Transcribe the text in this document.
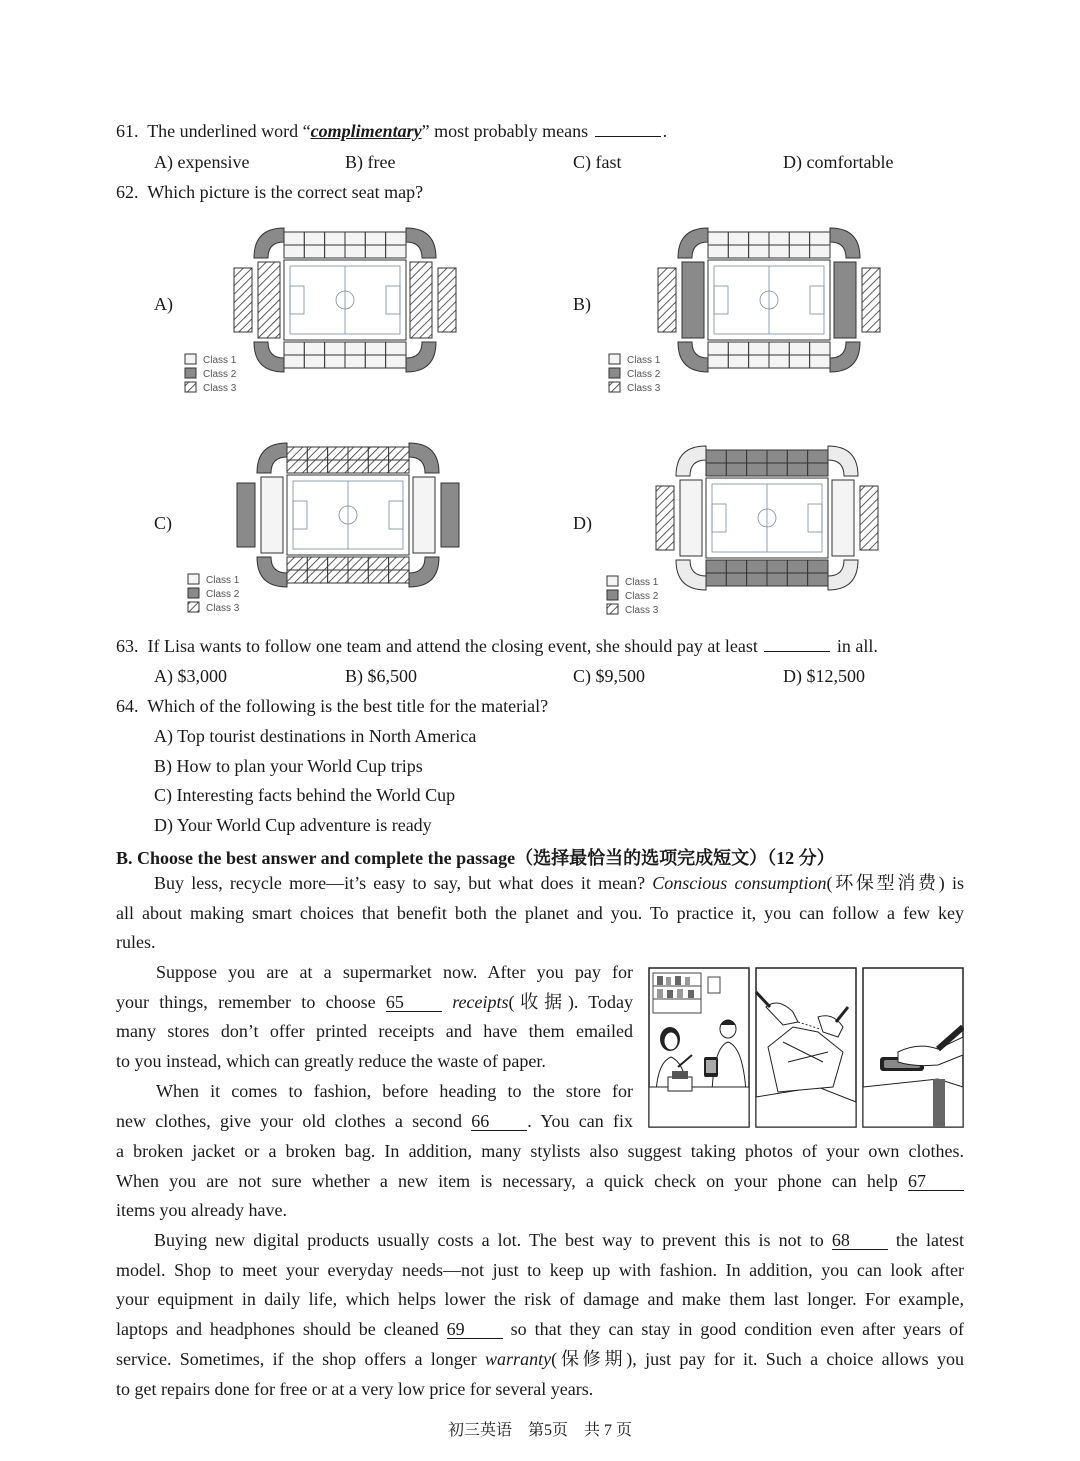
61. The underlined word “complimentary” most probably means	.
A) expensive	B) free	C) fast	D) comfortable
62. Which picture is the correct seat map?
A)	B)
C)	D)
Class 1
Class 2
Class 3
Class 1
Class 2
Class 3
Class 1
Class 2
Class 3
Class 1
Class 2
Class 3
63. If Lisa wants to follow one team and attend the closing event, she should pay at least	in all.
A) $3,000	B) $6,500	C) $9,500	D) $12,500
64. Which of the following is the best title for the material?
A) Top tourist destinations in North America
B) How to plan your World Cup trips
C) Interesting facts behind the World Cup
D) Your World Cup adventure is ready
B. Choose the best answer and complete the passage（选择最恰当的选项完成短文）（12 分）
Buy less, recycle more—it’s easy to say, but what does it mean? Conscious consumption(环保型消费) is
all about making smart choices that benefit both the planet and you. To practice it, you can follow a few key
rules.
Suppose you are at a supermarket now. After you pay for
your things, remember to choose 65	receipts(收据). Today
many stores don’t offer printed receipts and have them emailed
to you instead, which can greatly reduce the waste of paper.
When it comes to fashion, before heading to the store for
new clothes, give your old clothes a second 66 . You can fix
a broken jacket or a broken bag. In addition, many stylists also suggest taking photos of your own clothes.
When you are not sure whether a new item is necessary, a quick check on your phone can help 67
items you already have.
Buying new digital products usually costs a lot. The best way to prevent this is not to 68	the latest
model. Shop to meet your everyday needs—not just to keep up with fashion. In addition, you can look after
your equipment in daily life, which helps lower the risk of damage and make them last longer. For example,
laptops and headphones should be cleaned 69	so that they can stay in good condition even after years of
service. Sometimes, if the shop offers a longer warranty(保修期), just pay for it. Such a choice allows you
to get repairs done for free or at a very low price for several years.
初三英语　第5页　共 7 页
